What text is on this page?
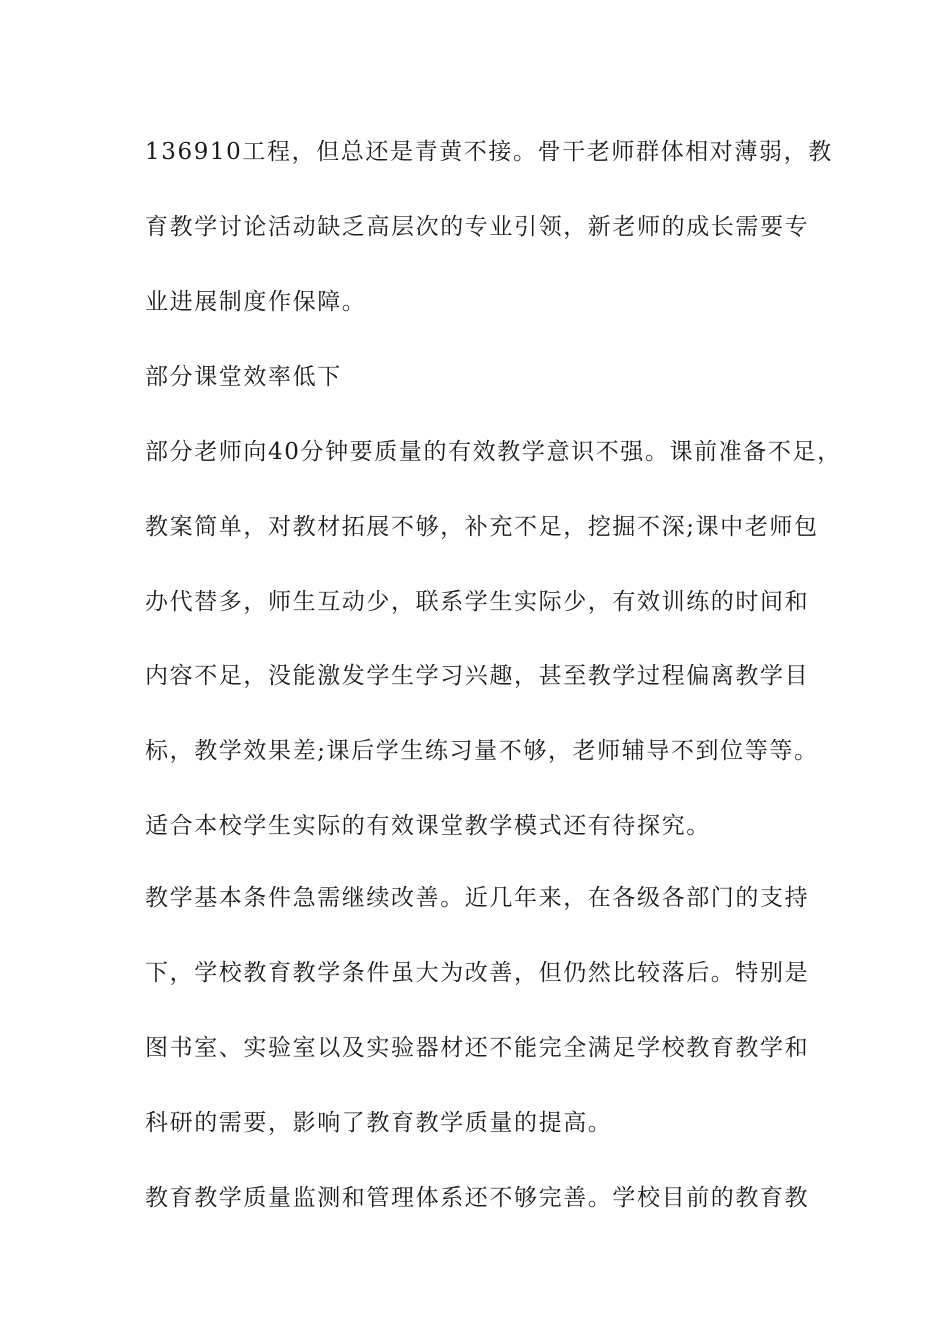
136910工程，但总还是青黄不接。骨干老师群体相对薄弱，教
育教学讨论活动缺乏高层次的专业引领，新老师的成长需要专
业进展制度作保障。
部分课堂效率低下
部分老师向40分钟要质量的有效教学意识不强。课前准备不足，
教案简单，对教材拓展不够，补充不足，挖掘不深;课中老师包
办代替多，师生互动少，联系学生实际少，有效训练的时间和
内容不足，没能激发学生学习兴趣，甚至教学过程偏离教学目
标，教学效果差;课后学生练习量不够，老师辅导不到位等等。
适合本校学生实际的有效课堂教学模式还有待探究。
教学基本条件急需继续改善。近几年来，在各级各部门的支持
下，学校教育教学条件虽大为改善，但仍然比较落后。特别是
图书室、实验室以及实验器材还不能完全满足学校教育教学和
科研的需要，影响了教育教学质量的提高。
教育教学质量监测和管理体系还不够完善。学校目前的教育教
